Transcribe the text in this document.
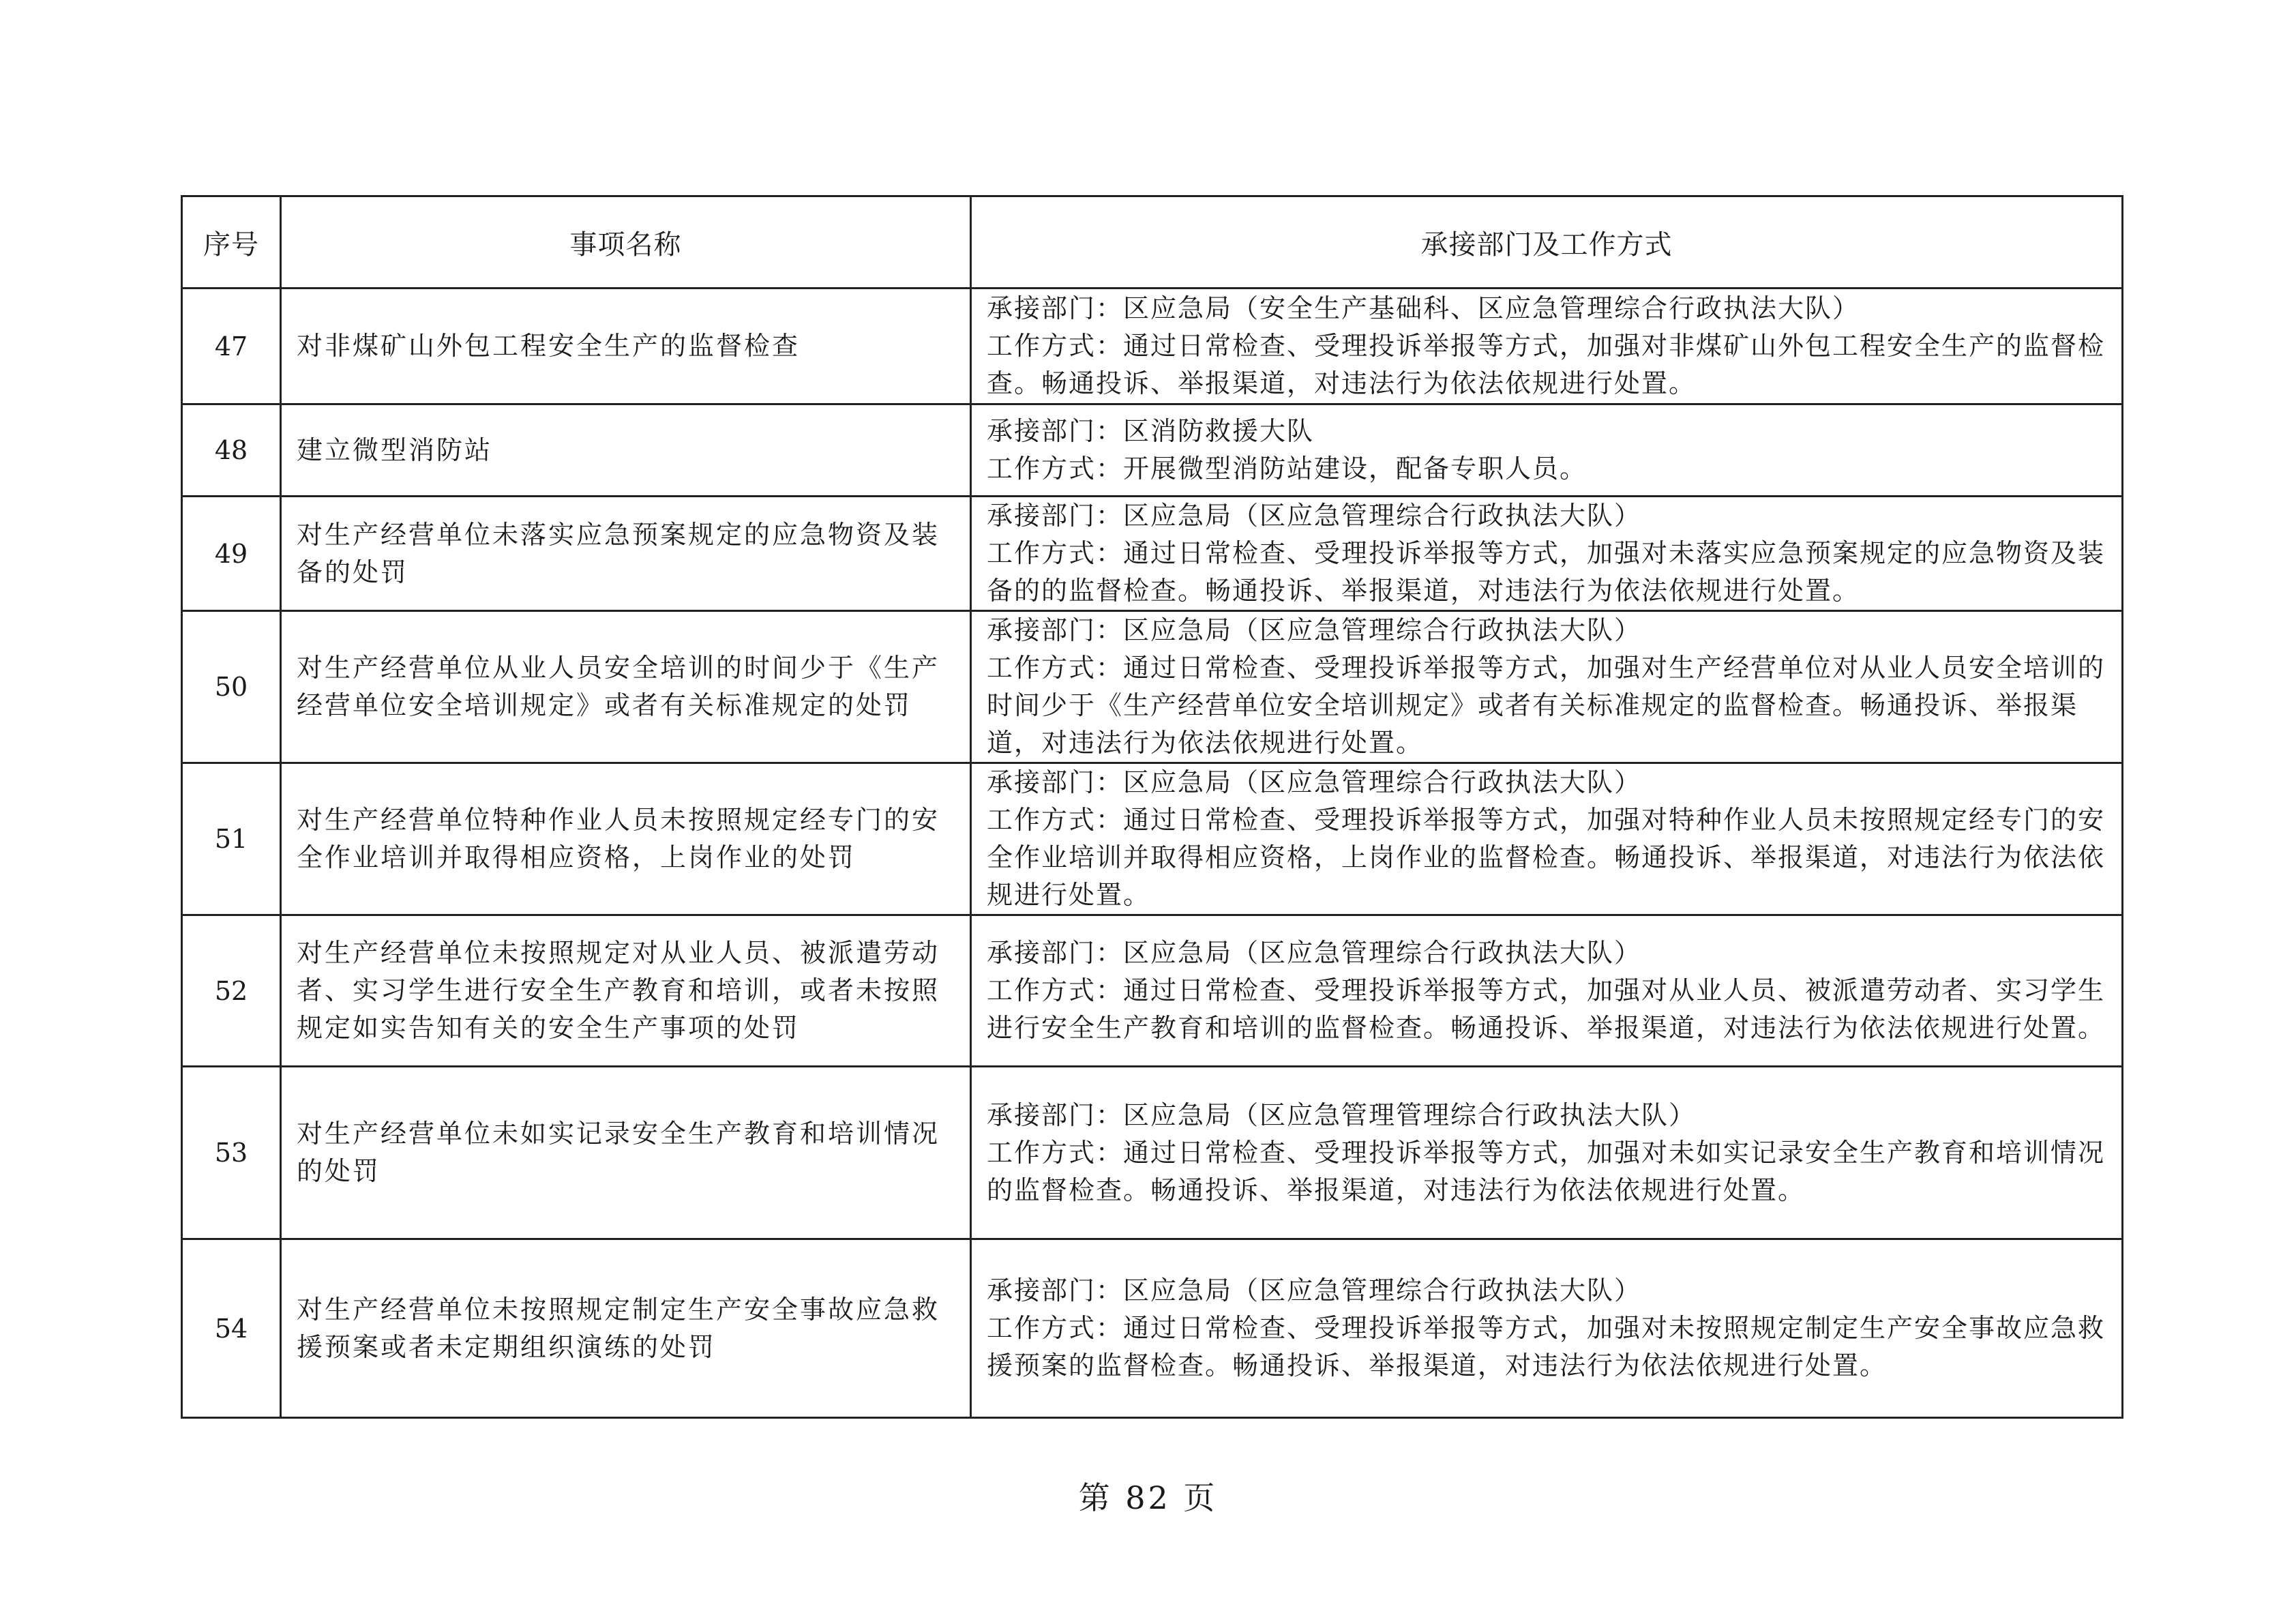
序号	事项名称	承接部门及工作方式
47	对非煤矿山外包工程安全生产的监督检查	承接部门：区应急局（安全生产基础科、区应急管理综合行政执法大队）
工作方式：通过日常检查、受理投诉举报等方式，加强对非煤矿山外包工程安全生产的监督检查。畅通投诉、举报渠道，对违法行为依法依规进行处置。

48	建立微型消防站	承接部门：区消防救援大队
工作方式：开展微型消防站建设，配备专职人员。

49	对生产经营单位未落实应急预案规定的应急物资及装备的处罚	承接部门：区应急局（区应急管理综合行政执法大队）
工作方式：通过日常检查、受理投诉举报等方式，加强对未落实应急预案规定的应急物资及装备的的监督检查。畅通投诉、举报渠道，对违法行为依法依规进行处置。

50	对生产经营单位从业人员安全培训的时间少于《生产经营单位安全培训规定》或者有关标准规定的处罚	承接部门：区应急局（区应急管理综合行政执法大队）
工作方式：通过日常检查、受理投诉举报等方式，加强对生产经营单位对从业人员安全培训的时间少于《生产经营单位安全培训规定》或者有关标准规定的监督检查。畅通投诉、举报渠道，对违法行为依法依规进行处置。

51	对生产经营单位特种作业人员未按照规定经专门的安全作业培训并取得相应资格，上岗作业的处罚	承接部门：区应急局（区应急管理综合行政执法大队）
工作方式：通过日常检查、受理投诉举报等方式，加强对特种作业人员未按照规定经专门的安全作业培训并取得相应资格，上岗作业的监督检查。畅通投诉、举报渠道，对违法行为依法依规进行处置。

52	对生产经营单位未按照规定对从业人员、被派遣劳动者、实习学生进行安全生产教育和培训，或者未按照规定如实告知有关的安全生产事项的处罚	承接部门：区应急局（区应急管理综合行政执法大队）
工作方式：通过日常检查、受理投诉举报等方式，加强对从业人员、被派遣劳动者、实习学生进行安全生产教育和培训的监督检查。畅通投诉、举报渠道，对违法行为依法依规进行处置。

53	对生产经营单位未如实记录安全生产教育和培训情况的处罚	承接部门：区应急局（区应急管理管理综合行政执法大队）
工作方式：通过日常检查、受理投诉举报等方式，加强对未如实记录安全生产教育和培训情况的监督检查。畅通投诉、举报渠道，对违法行为依法依规进行处置。

54	对生产经营单位未按照规定制定生产安全事故应急救援预案或者未定期组织演练的处罚	承接部门：区应急局（区应急管理综合行政执法大队）
工作方式：通过日常检查、受理投诉举报等方式，加强对未按照规定制定生产安全事故应急救援预案的监督检查。畅通投诉、举报渠道，对违法行为依法依规进行处置。
第 82 页
